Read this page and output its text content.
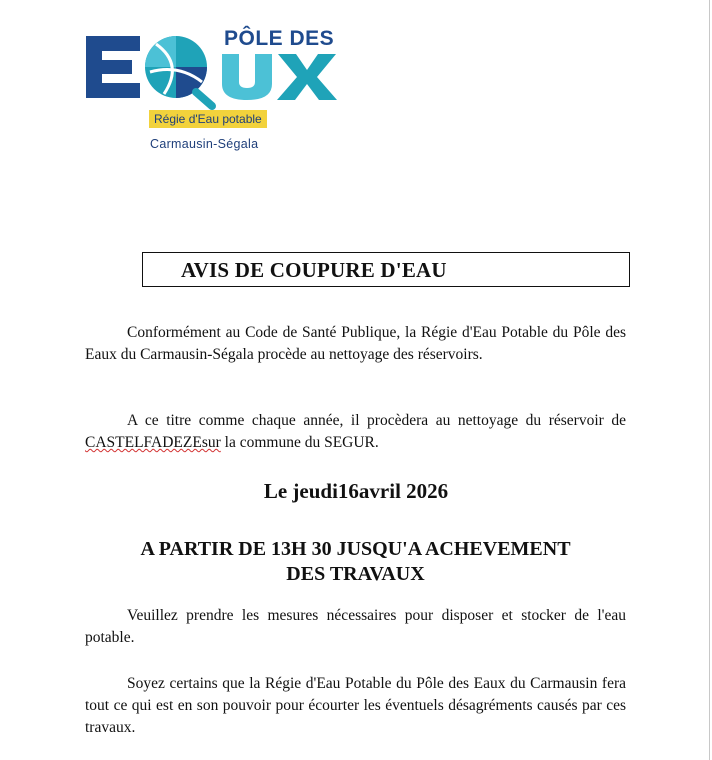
PÔLE DES
Régie d'Eau potable
Carmausin-Ségala
AVIS DE COUPURE D'EAU

Conformément au Code de Santé Publique, la Régie d'Eau Potable du Pôle des Eaux du Carmausin-Ségala procède au nettoyage des réservoirs.

A ce titre comme chaque année, il procèdera au nettoyage du réservoir de CASTELFADEZEsur la commune du SEGUR.

Le jeudi16avril 2026

A PARTIR DE 13H 30 JUSQU'A ACHEVEMENT
DES TRAVAUX

Veuillez prendre les mesures nécessaires pour disposer et stocker de l'eau potable.

Soyez certains que la Régie d'Eau Potable du Pôle des Eaux du Carmausin fera tout ce qui est en son pouvoir pour écourter les éventuels désagréments causés par ces travaux.
